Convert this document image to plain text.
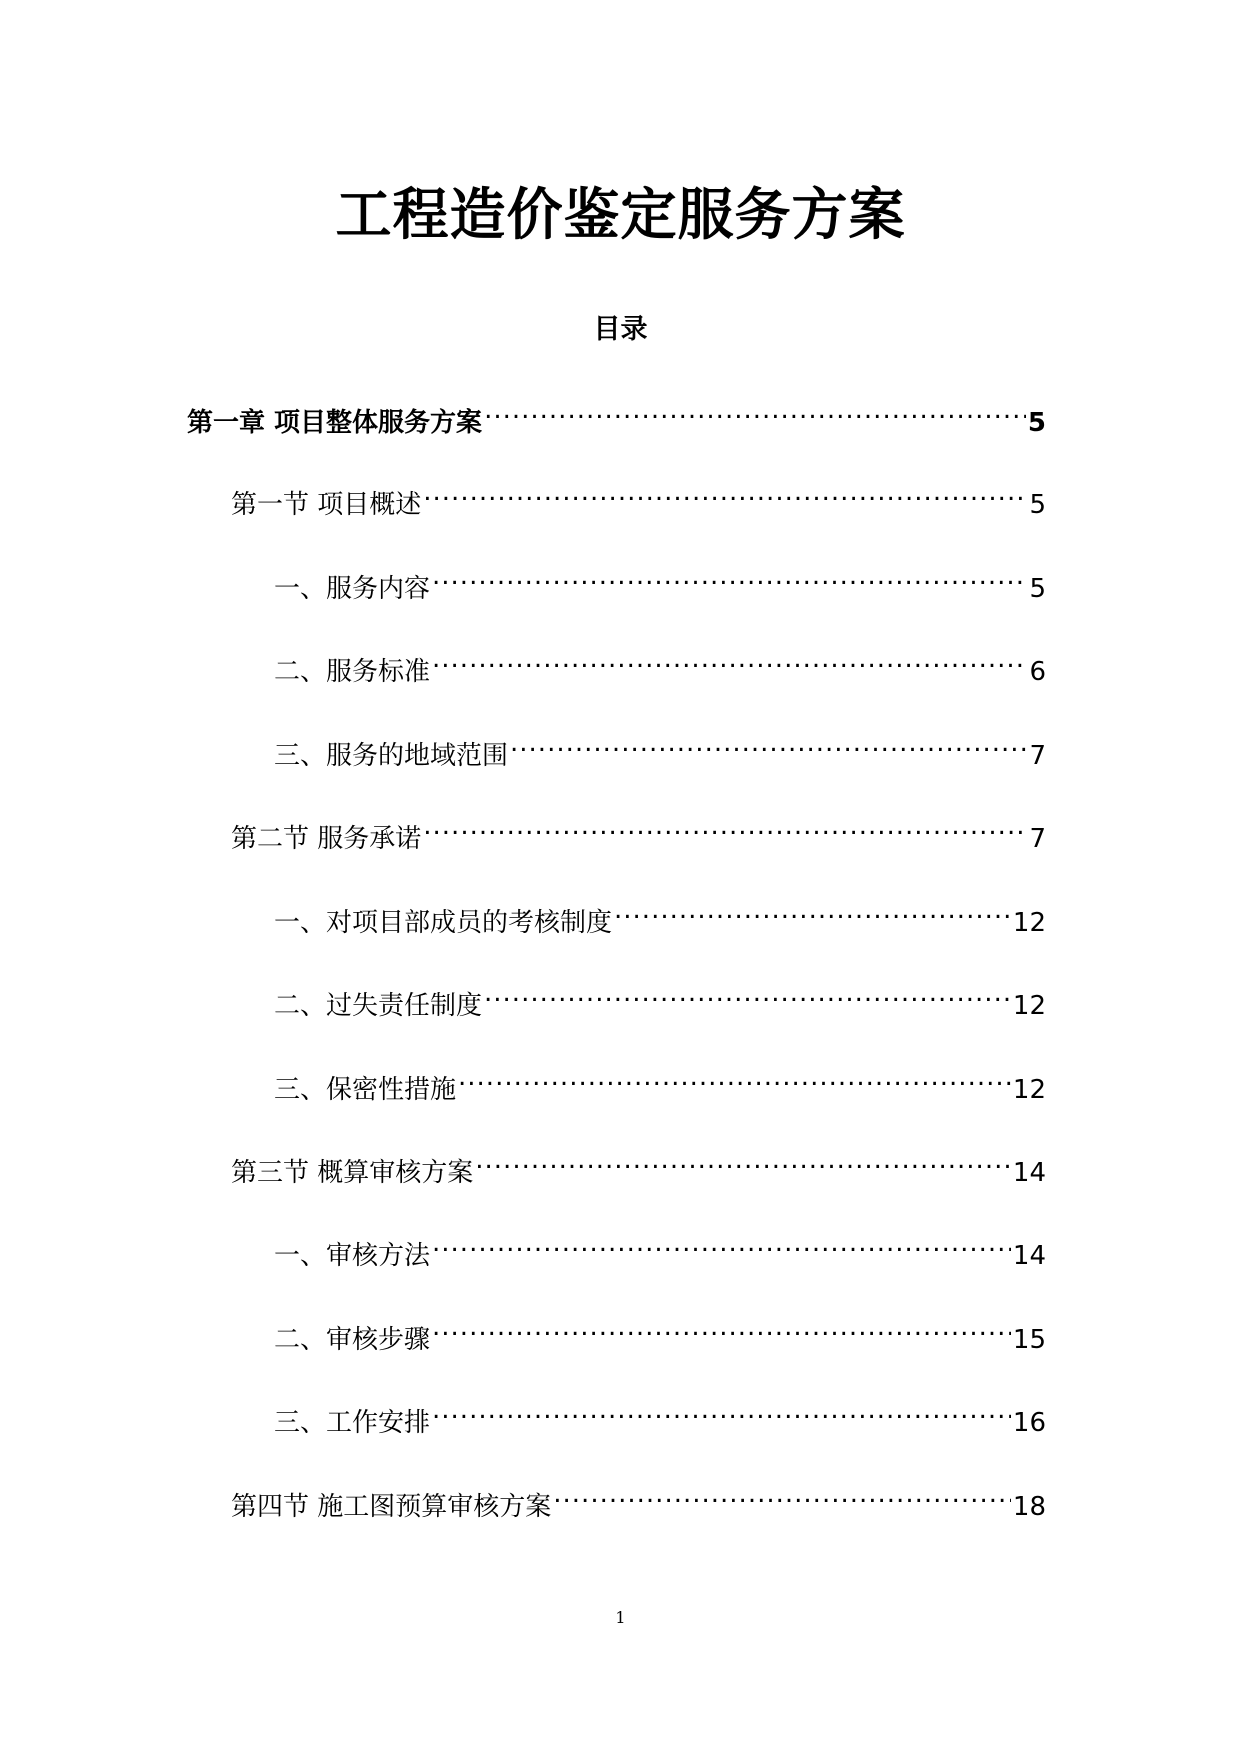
工程造价鉴定服务方案
目录
第一章 项目整体服务方案 .....	5
第一节 项目概述 .....	5
一、服务内容 .....	5
二、服务标准 .....	6
三、服务的地域范围 .....	7
第二节 服务承诺 .....	7
一、对项目部成员的考核制度 .....	12
二、过失责任制度 .....	12
三、保密性措施 .....	12
第三节 概算审核方案 .....	14
一、审核方法 .....	14
二、审核步骤 .....	15
三、工作安排 .....	16
第四节 施工图预算审核方案 .....	18
1
